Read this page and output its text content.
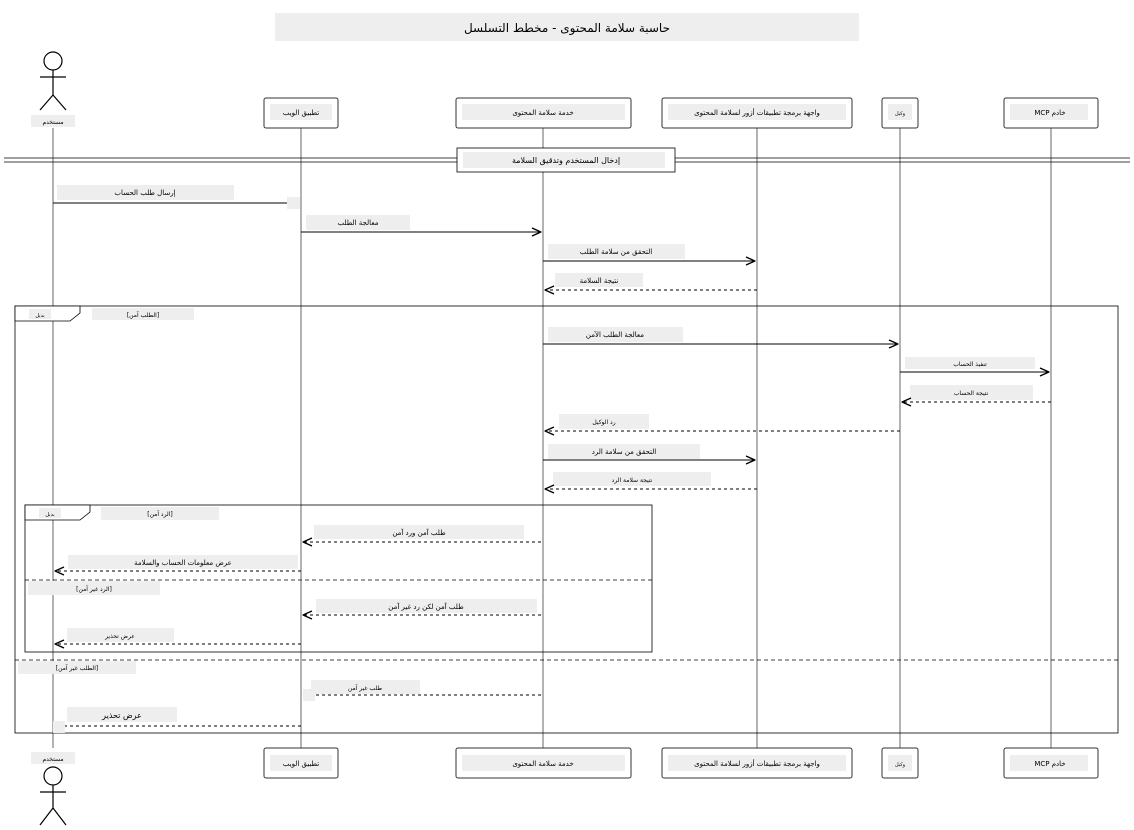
حاسبة سلامة المحتوى - مخطط التسلسل
مستخدم
مستخدم
تطبيق الويب	خدمة سلامة المحتوى	واجهة برمجة تطبيقات أزور لسلامة المحتوى	وكيل	خادم MCP
تطبيق الويب	خدمة سلامة المحتوى	واجهة برمجة تطبيقات أزور لسلامة المحتوى	وكيل	خادم MCP
إدخال المستخدم وتدقيق السلامة
بديل	[الطلب آمن]
[الطلب غير آمن]
بديل	[الرد آمن]
[الرد غير آمن]
إرسال طلب الحساب
معالجة الطلب
التحقق من سلامة الطلب
نتيجة السلامة
معالجة الطلب الآمن
تنفيذ الحساب
نتيجة الحساب
رد الوكيل
التحقق من سلامة الرد
نتيجة سلامة الرد
طلب آمن ورد آمن
عرض معلومات الحساب والسلامة
طلب آمن لكن رد غير آمن
عرض تحذير
طلب غير آمن
عرض تحذير
